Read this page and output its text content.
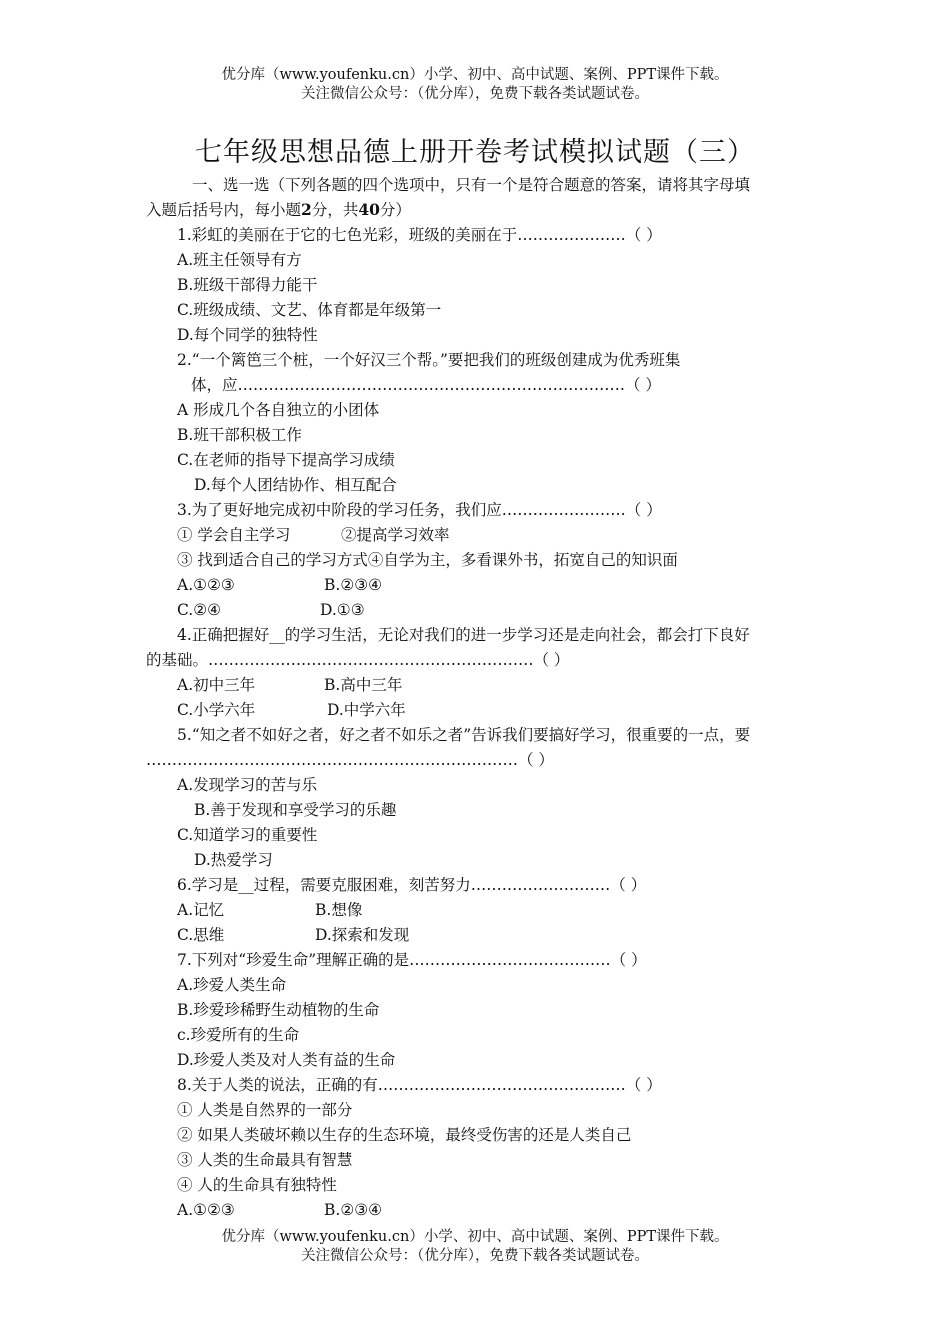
优分库（www.youfenku.cn）小学、初中、高中试题、案例、PPT课件下载。
关注微信公众号：（优分库），免费下载各类试题试卷。
七年级思想品德上册开卷考试模拟试题（三）
一、选一选（下列各题的四个选项中，只有一个是符合题意的答案，请将其字母填
入题后括号内，每小题2分，共40分）
1.彩虹的美丽在于它的七色光彩，班级的美丽在于…………………（ ）
A.班主任领导有方
B.班级干部得力能干
C.班级成绩、文艺、体育都是年级第一
D.每个同学的独特性
2.“一个篱笆三个桩，一个好汉三个帮。”要把我们的班级创建成为优秀班集
体，应…………………………………………………………………（ ）
A 形成几个各自独立的小团体
B.班干部积极工作
C.在老师的指导下提高学习成绩
D.每个人团结协作、相互配合
3.为了更好地完成初中阶段的学习任务，我们应……………………（ ）
① 学会自主学习	②提高学习效率
③ 找到适合自己的学习方式④自学为主，多看课外书，拓宽自己的知识面
A.①②③	B.②③④
C.②④	D.①③
4.正确把握好__的学习生活，无论对我们的进一步学习还是走向社会，都会打下良好
的基础。………………………………………………………（ ）
A.初中三年	B.高中三年
C.小学六年	D.中学六年
5.“知之者不如好之者，好之者不如乐之者”告诉我们要搞好学习，很重要的一点，要
………………………………………………………………（ ）
A.发现学习的苦与乐
B.善于发现和享受学习的乐趣
C.知道学习的重要性
D.热爱学习
6.学习是__过程，需要克服困难，刻苦努力………………………（ ）
A.记忆	B.想像
C.思维	D.探索和发现
7.下列对“珍爱生命”理解正确的是…………………………………（ ）
A.珍爱人类生命
B.珍爱珍稀野生动植物的生命
c.珍爱所有的生命
D.珍爱人类及对人类有益的生命
8.关于人类的说法，正确的有…………………………………………（ ）
① 人类是自然界的一部分
② 如果人类破坏赖以生存的生态环境，最终受伤害的还是人类自己
③ 人类的生命最具有智慧
④ 人的生命具有独特性
A.①②③	B.②③④
优分库（www.youfenku.cn）小学、初中、高中试题、案例、PPT课件下载。
关注微信公众号：（优分库），免费下载各类试题试卷。
